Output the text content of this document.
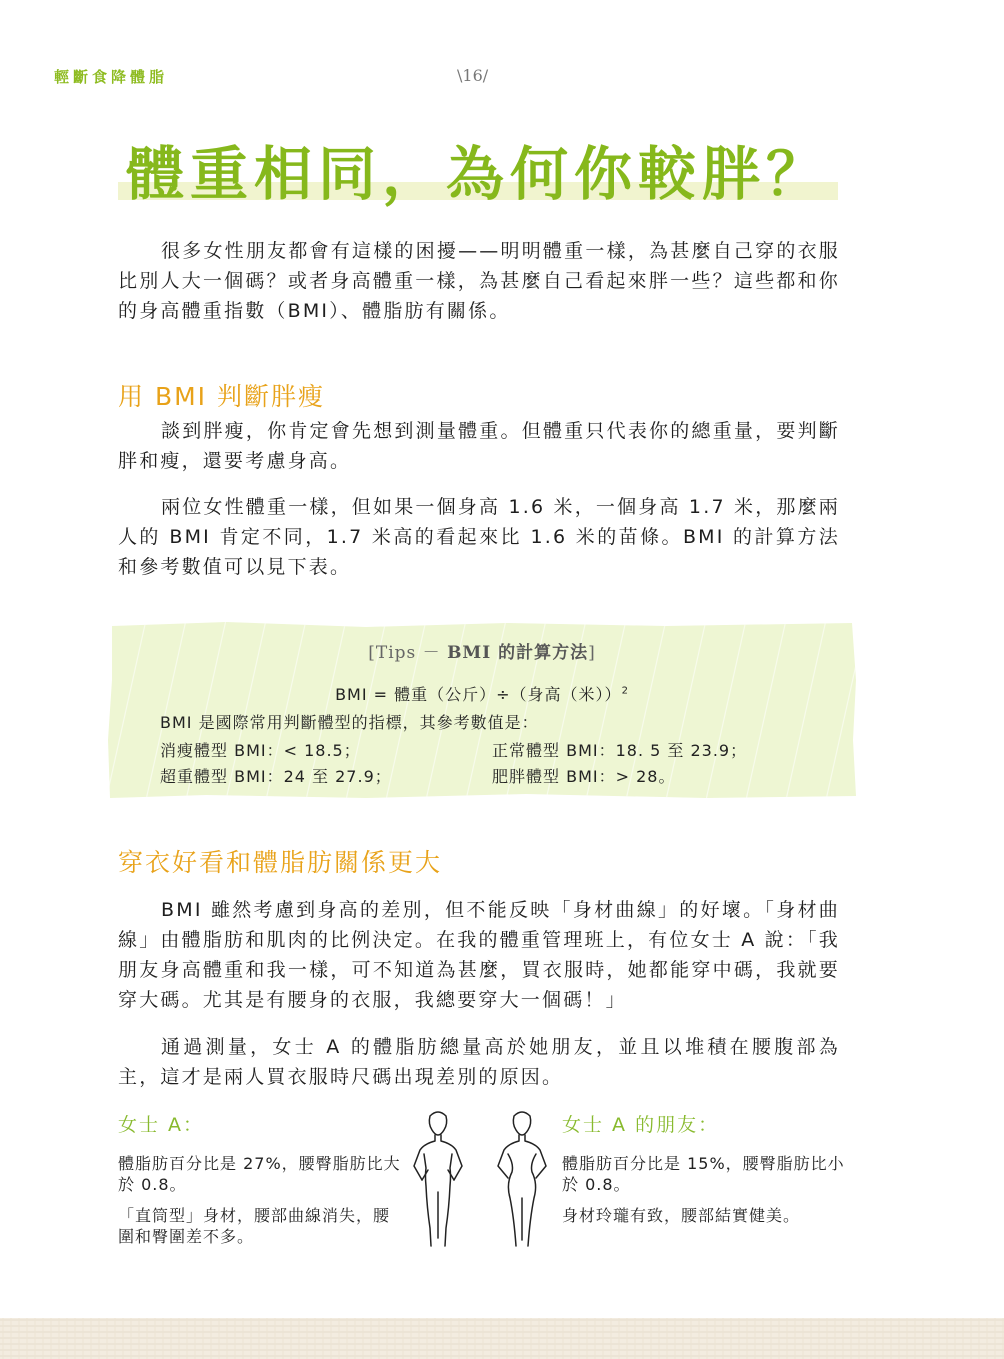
輕斷食降體脂	\16/
體重相同，為何你較胖？

很多女性朋友都會有這樣的困擾——明明體重一樣，為甚麼自己穿的衣服比別人大一個碼？或者身高體重一樣，為甚麼自己看起來胖一些？這些都和你的身高體重指數（BMI）、體脂肪有關係。

用 BMI 判斷胖瘦

談到胖瘦，你肯定會先想到測量體重。但體重只代表你的總重量，要判斷胖和瘦，還要考慮身高。

兩位女性體重一樣，但如果一個身高 1.6 米，一個身高 1.7 米，那麼兩人的 BMI 肯定不同，1.7 米高的看起來比 1.6 米的苗條。BMI 的計算方法和參考數值可以見下表。

[Tips － BMI 的計算方法]
BMI = 體重（公斤）÷（身高（米））$^2$
BMI 是國際常用判斷體型的指標，其參考數值是：
消瘦體型 BMI：< 18.5；	正常體型 BMI：18. 5 至 23.9；
超重體型 BMI：24 至 27.9；	肥胖體型 BMI：> 28。
穿衣好看和體脂肪關係更大

BMI 雖然考慮到身高的差別，但不能反映「身材曲線」的好壞。「身材曲線」由體脂肪和肌肉的比例決定。在我的體重管理班上，有位女士 A 說：「我朋友身高體重和我一樣，可不知道為甚麼，買衣服時，她都能穿中碼，我就要穿大碼。尤其是有腰身的衣服，我總要穿大一個碼！」

通過測量，女士 A 的體脂肪總量高於她朋友，並且以堆積在腰腹部為主，這才是兩人買衣服時尺碼出現差別的原因。

女士 A：
體脂肪百分比是 27%，腰臀脂肪比大於 0.8。
「直筒型」身材，腰部曲線消失，腰圍和臀圍差不多。
女士 A 的朋友：
體脂肪百分比是 15%，腰臀脂肪比小於 0.8。
身材玲瓏有致，腰部結實健美。
